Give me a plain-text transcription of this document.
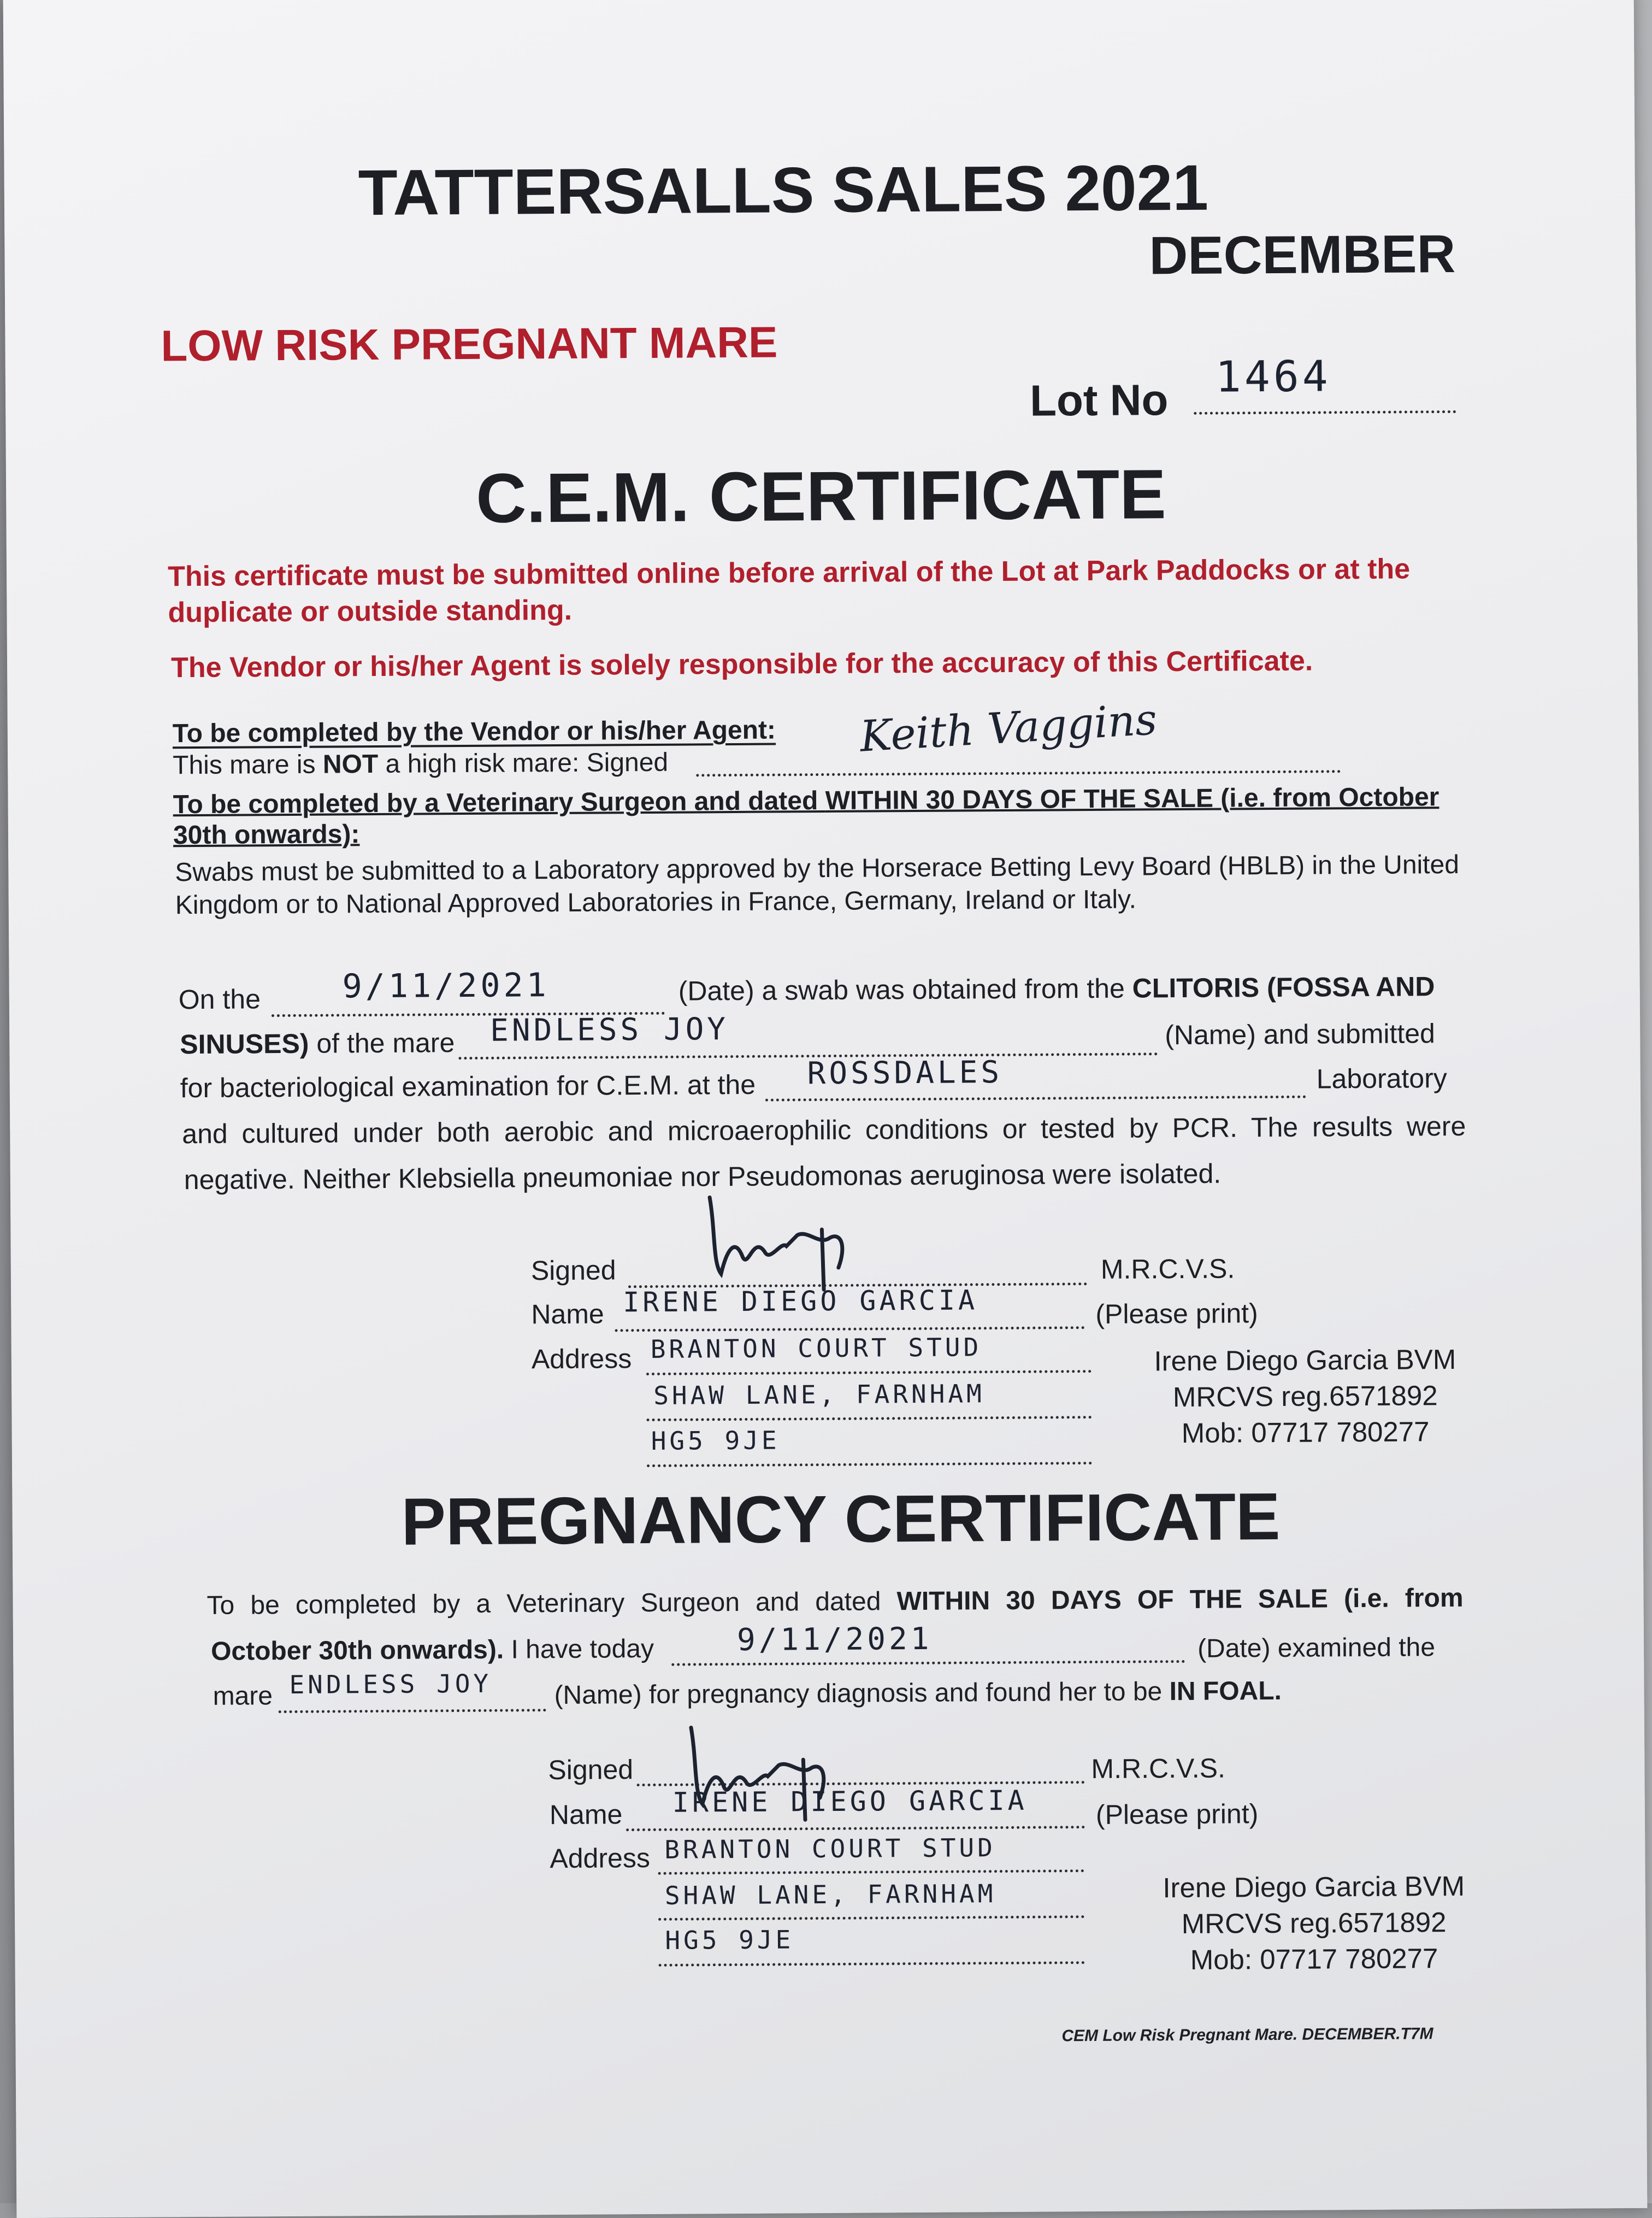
TATTERSALLS SALES 2021
DECEMBER
LOW RISK PREGNANT MARE
Lot No 1464
C.E.M. CERTIFICATE
This certificate must be submitted online before arrival of the Lot at Park Paddocks or at the duplicate or outside standing.
The Vendor or his/her Agent is solely responsible for the accuracy of this Certificate.
To be completed by the Vendor or his/her Agent:
This mare is NOT a high risk mare: Signed
Keith Vaggins
To be completed by a Veterinary Surgeon and dated WITHIN 30 DAYS OF THE SALE (i.e. from October 30th onwards):
Swabs must be submitted to a Laboratory approved by the Horserace Betting Levy Board (HBLB) in the United Kingdom or to National Approved Laboratories in France, Germany, Ireland or Italy.
On the 9/11/2021	(Date) a swab was obtained from the CLITORIS (FOSSA AND
SINUSES) of the mare ENDLESS JOY	(Name) and submitted
for bacteriological examination for C.E.M. at the ROSSDALES	Laboratory
and cultured under both aerobic and microaerophilic conditions or tested by PCR. The results were
negative. Neither Klebsiella pneumoniae nor Pseudomonas aeruginosa were isolated.
Signed	M.R.C.V.S.
Name IRENE DIEGO GARCIA	(Please print)
Address BRANTON COURT STUD
SHAW LANE, FARNHAM
HG5 9JE
Irene Diego Garcia BVM
MRCVS reg.6571892
Mob: 07717 780277
PREGNANCY CERTIFICATE
To be completed by a Veterinary Surgeon and dated WITHIN 30 DAYS OF THE SALE (i.e. from
October 30th onwards). I have today	9/11/2021	(Date) examined the
mare ENDLESS JOY (Name) for pregnancy diagnosis and found her to be IN FOAL.
Signed	M.R.C.V.S.
Name IRENE DIEGO GARCIA (Please print)
Address BRANTON COURT STUD
SHAW LANE, FARNHAM
HG5 9JE
Irene Diego Garcia BVM
MRCVS reg.6571892
Mob: 07717 780277
CEM Low Risk Pregnant Mare. DECEMBER.T7M
